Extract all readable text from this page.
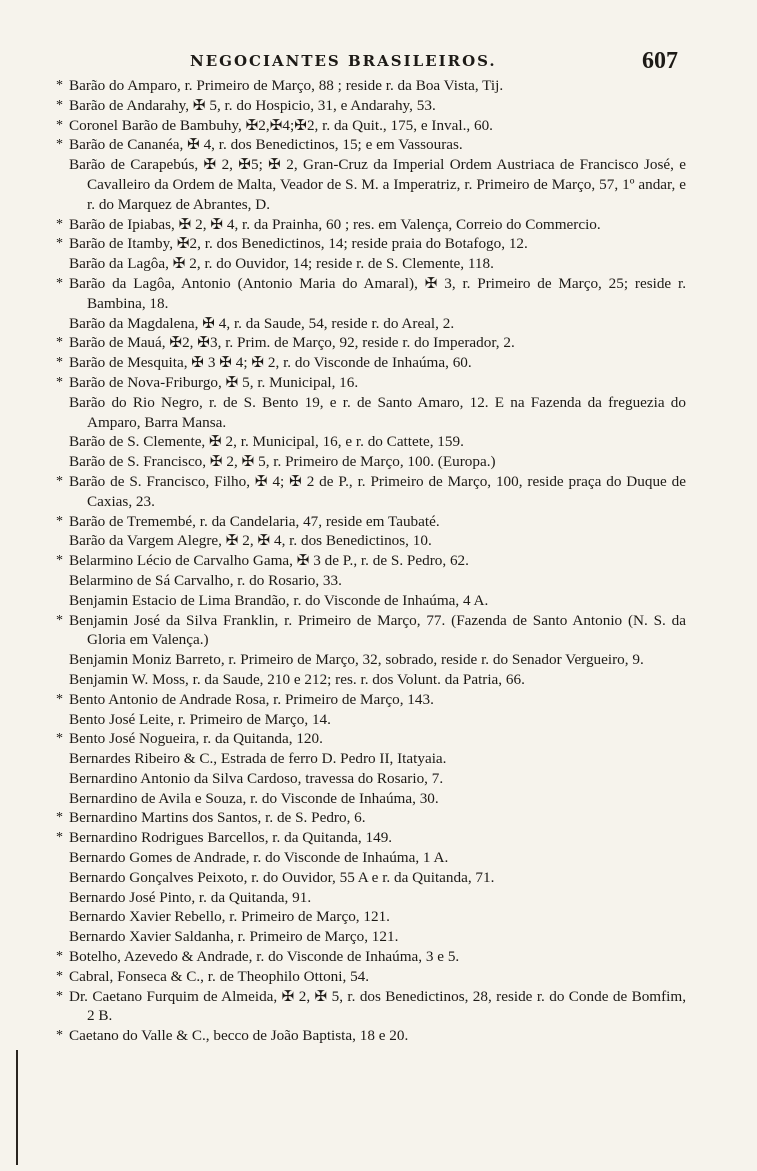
NEGOCIANTES BRASILEIROS.	607
* Barão do Amparo, r. Primeiro de Março, 88 ; reside r. da Boa Vista, Tij.
* Barão de Andarahy, ✠ 5, r. do Hospicio, 31, e Andarahy, 53.
* Coronel Barão de Bambuhy, ✠2,✠4;✠2, r. da Quit., 175, e Inval., 60.
* Barão de Cananéa, ✠ 4, r. dos Benedictinos, 15; e em Vassouras.
Barão de Carapebús, ✠ 2, ✠5; ✠ 2, Gran-Cruz da Imperial Ordem Austriaca de Francisco José, e Cavalleiro da Ordem de Malta, Veador de S. M. a Imperatriz, r. Primeiro de Março, 57, 1º andar, e r. do Marquez de Abrantes, D.
* Barão de Ipiabas, ✠ 2, ✠ 4, r. da Prainha, 60 ; res. em Valença, Correio do Commercio.
* Barão de Itamby, ✠2, r. dos Benedictinos, 14; reside praia do Botafogo, 12.
Barão da Lagôa, ✠ 2, r. do Ouvidor, 14; reside r. de S. Clemente, 118.
* Barão da Lagôa, Antonio (Antonio Maria do Amaral), ✠ 3, r. Primeiro de Março, 25; reside r. Bambina, 18.
Barão da Magdalena, ✠ 4, r. da Saude, 54, reside r. do Areal, 2.
* Barão de Mauá, ✠2, ✠3, r. Prim. de Março, 92, reside r. do Imperador, 2.
* Barão de Mesquita, ✠ 3 ✠ 4; ✠ 2, r. do Visconde de Inhaúma, 60.
* Barão de Nova-Friburgo, ✠ 5, r. Municipal, 16.
Barão do Rio Negro, r. de S. Bento 19, e r. de Santo Amaro, 12. E na Fazenda da freguezia do Amparo, Barra Mansa.
Barão de S. Clemente, ✠ 2, r. Municipal, 16, e r. do Cattete, 159.
Barão de S. Francisco, ✠ 2, ✠ 5, r. Primeiro de Março, 100. (Europa.)
* Barão de S. Francisco, Filho, ✠ 4; ✠ 2 de P., r. Primeiro de Março, 100, reside praça do Duque de Caxias, 23.
* Barão de Tremembé, r. da Candelaria, 47, reside em Taubaté.
Barão da Vargem Alegre, ✠ 2, ✠ 4, r. dos Benedictinos, 10.
* Belarmino Lécio de Carvalho Gama, ✠ 3 de P., r. de S. Pedro, 62.
Belarmino de Sá Carvalho, r. do Rosario, 33.
Benjamin Estacio de Lima Brandão, r. do Visconde de Inhaúma, 4 A.
* Benjamin José da Silva Franklin, r. Primeiro de Março, 77. (Fazenda de Santo Antonio (N. S. da Gloria em Valença.)
Benjamin Moniz Barreto, r. Primeiro de Março, 32, sobrado, reside r. do Senador Vergueiro, 9.
Benjamin W. Moss, r. da Saude, 210 e 212; res. r. dos Volunt. da Patria, 66.
* Bento Antonio de Andrade Rosa, r. Primeiro de Março, 143.
Bento José Leite, r. Primeiro de Março, 14.
* Bento José Nogueira, r. da Quitanda, 120.
Bernardes Ribeiro & C., Estrada de ferro D. Pedro II, Itatyaia.
Bernardino Antonio da Silva Cardoso, travessa do Rosario, 7.
Bernardino de Avila e Souza, r. do Visconde de Inhaúma, 30.
* Bernardino Martins dos Santos, r. de S. Pedro, 6.
* Bernardino Rodrigues Barcellos, r. da Quitanda, 149.
Bernardo Gomes de Andrade, r. do Visconde de Inhaúma, 1 A.
Bernardo Gonçalves Peixoto, r. do Ouvidor, 55 A e r. da Quitanda, 71.
Bernardo José Pinto, r. da Quitanda, 91.
Bernardo Xavier Rebello, r. Primeiro de Março, 121.
Bernardo Xavier Saldanha, r. Primeiro de Março, 121.
* Botelho, Azevedo & Andrade, r. do Visconde de Inhaúma, 3 e 5.
* Cabral, Fonseca & C., r. de Theophilo Ottoni, 54.
* Dr. Caetano Furquim de Almeida, ✠ 2, ✠ 5, r. dos Benedictinos, 28, reside r. do Conde de Bomfim, 2 B.
* Caetano do Valle & C., becco de João Baptista, 18 e 20.
